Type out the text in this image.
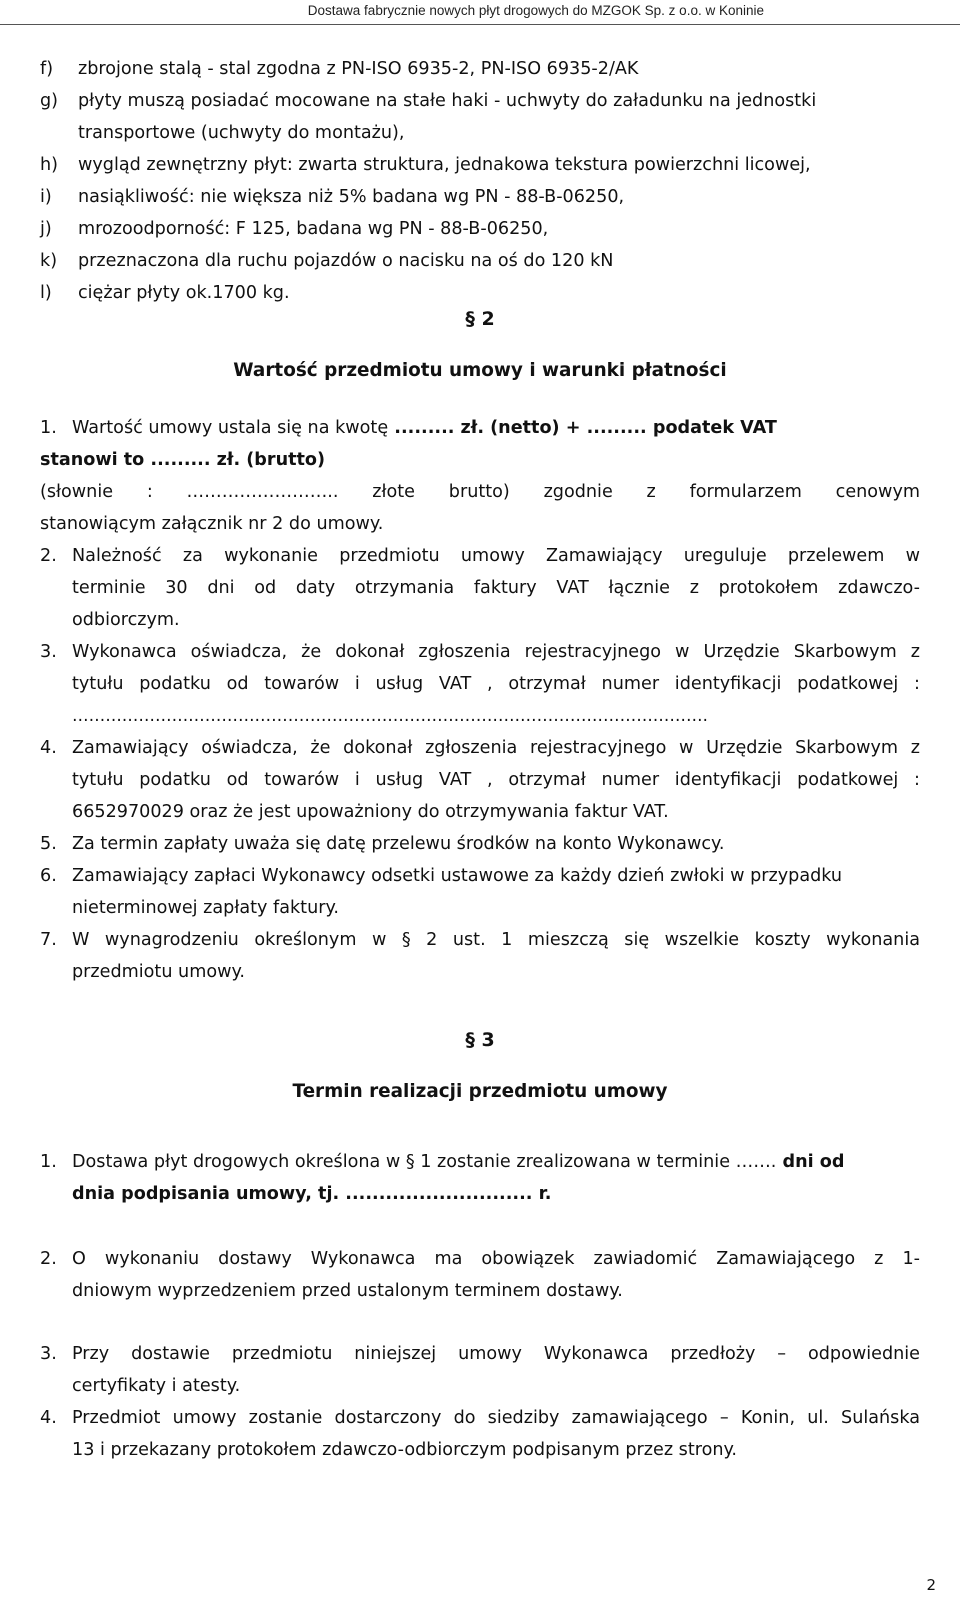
Dostawa fabrycznie nowych płyt drogowych do MZGOK Sp. z o.o. w Koninie
f) zbrojone stalą - stal zgodna z PN-ISO 6935-2, PN-ISO 6935-2/AK
g) płyty muszą posiadać mocowane na stałe haki - uchwyty do załadunku na jednostki
transportowe (uchwyty do montażu),
h) wygląd zewnętrzny płyt: zwarta struktura, jednakowa tekstura powierzchni licowej,
i) nasiąkliwość: nie większa niż 5% badana wg PN - 88-B-06250,
j) mrozoodporność: F 125, badana wg PN - 88-B-06250,
k) przeznaczona dla ruchu pojazdów o nacisku na oś do 120 kN
l) ciężar płyty ok.1700 kg.
§ 2
Wartość przedmiotu umowy i warunki płatności
1. Wartość umowy ustala się na kwotę ......... zł. (netto) + ......... podatek VAT
stanowi to ......... zł. (brutto)
(słownie : …………………….. złote brutto) zgodnie z formularzem cenowym
stanowiącym załącznik nr 2 do umowy.
2. Należność za wykonanie przedmiotu umowy Zamawiający ureguluje przelewem w
terminie 30 dni od daty otrzymania faktury VAT łącznie z protokołem zdawczo-
odbiorczym.
3. Wykonawca oświadcza, że dokonał zgłoszenia rejestracyjnego w Urzędzie Skarbowym z
tytułu podatku od towarów i usług VAT , otrzymał numer identyfikacji podatkowej :
…………………………………………………………………………………………………….
4. Zamawiający oświadcza, że dokonał zgłoszenia rejestracyjnego w Urzędzie Skarbowym z
tytułu podatku od towarów i usług VAT , otrzymał numer identyfikacji podatkowej :
6652970029 oraz że jest upoważniony do otrzymywania faktur VAT.
5. Za termin zapłaty uważa się datę przelewu środków na konto Wykonawcy.
6. Zamawiający zapłaci Wykonawcy odsetki ustawowe za każdy dzień zwłoki w przypadku
nieterminowej zapłaty faktury.
7. W wynagrodzeniu określonym w § 2 ust. 1 mieszczą się wszelkie koszty wykonania
przedmiotu umowy.
§ 3
Termin realizacji przedmiotu umowy
1. Dostawa płyt drogowych określona w § 1 zostanie zrealizowana w terminie ……. dni od
dnia podpisania umowy, tj. ............................ r.
2. O wykonaniu dostawy Wykonawca ma obowiązek zawiadomić Zamawiającego z 1-
dniowym wyprzedzeniem przed ustalonym terminem dostawy.
3. Przy dostawie przedmiotu niniejszej umowy Wykonawca przedłoży – odpowiednie
certyfikaty i atesty.
4. Przedmiot umowy zostanie dostarczony do siedziby zamawiającego – Konin, ul. Sulańska
13 i przekazany protokołem zdawczo-odbiorczym podpisanym przez strony.
2
